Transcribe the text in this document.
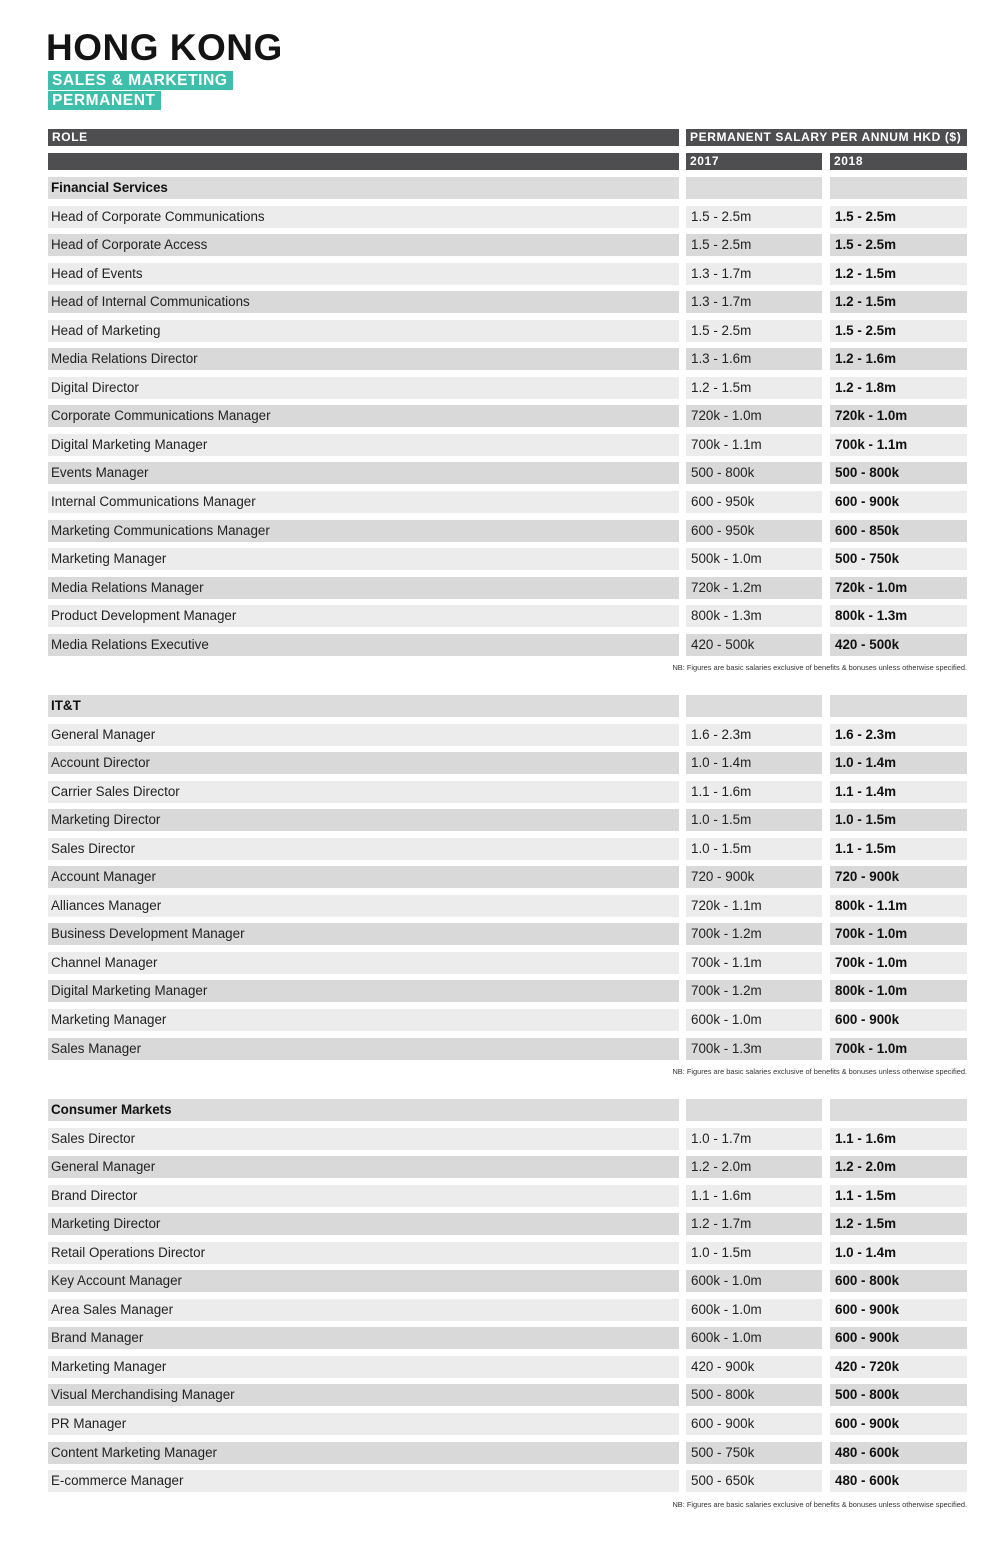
HONG KONG
SALES & MARKETING
PERMANENT
ROLE	PERMANENT SALARY PER ANNUM HKD ($)
2017	2018
Financial Services
Head of Corporate Communications	1.5 - 2.5m	1.5 - 2.5m
Head of Corporate Access	1.5 - 2.5m	1.5 - 2.5m
Head of Events	1.3 - 1.7m	1.2 - 1.5m
Head of Internal Communications	1.3 - 1.7m	1.2 - 1.5m
Head of Marketing	1.5 - 2.5m	1.5 - 2.5m
Media Relations Director	1.3 - 1.6m	1.2 - 1.6m
Digital Director	1.2 - 1.5m	1.2 - 1.8m
Corporate Communications Manager	720k - 1.0m	720k - 1.0m
Digital Marketing Manager	700k - 1.1m	700k - 1.1m
Events Manager	500 - 800k	500 - 800k
Internal Communications Manager	600 - 950k	600 - 900k
Marketing Communications Manager	600 - 950k	600 - 850k
Marketing Manager	500k - 1.0m	500 - 750k
Media Relations Manager	720k - 1.2m	720k - 1.0m
Product Development Manager	800k - 1.3m	800k - 1.3m
Media Relations Executive	420 - 500k	420 - 500k
NB: Figures are basic salaries exclusive of benefits & bonuses unless otherwise specified.
IT&T
General Manager	1.6 - 2.3m	1.6 - 2.3m
Account Director	1.0 - 1.4m	1.0 - 1.4m
Carrier Sales Director	1.1 - 1.6m	1.1 - 1.4m
Marketing Director	1.0 - 1.5m	1.0 - 1.5m
Sales Director	1.0 - 1.5m	1.1 - 1.5m
Account Manager	720 - 900k	720 - 900k
Alliances Manager	720k - 1.1m	800k - 1.1m
Business Development Manager	700k - 1.2m	700k - 1.0m
Channel Manager	700k - 1.1m	700k - 1.0m
Digital Marketing Manager	700k - 1.2m	800k - 1.0m
Marketing Manager	600k - 1.0m	600 - 900k
Sales Manager	700k - 1.3m	700k - 1.0m
NB: Figures are basic salaries exclusive of benefits & bonuses unless otherwise specified.
Consumer Markets
Sales Director	1.0 - 1.7m	1.1 - 1.6m
General Manager	1.2 - 2.0m	1.2 - 2.0m
Brand Director	1.1 - 1.6m	1.1 - 1.5m
Marketing Director	1.2 - 1.7m	1.2 - 1.5m
Retail Operations Director	1.0 - 1.5m	1.0 - 1.4m
Key Account Manager	600k - 1.0m	600 - 800k
Area Sales Manager	600k - 1.0m	600 - 900k
Brand Manager	600k - 1.0m	600 - 900k
Marketing Manager	420 - 900k	420 - 720k
Visual Merchandising Manager	500 - 800k	500 - 800k
PR Manager	600 - 900k	600 - 900k
Content Marketing Manager	500 - 750k	480 - 600k
E-commerce Manager	500 - 650k	480 - 600k
NB: Figures are basic salaries exclusive of benefits & bonuses unless otherwise specified.
